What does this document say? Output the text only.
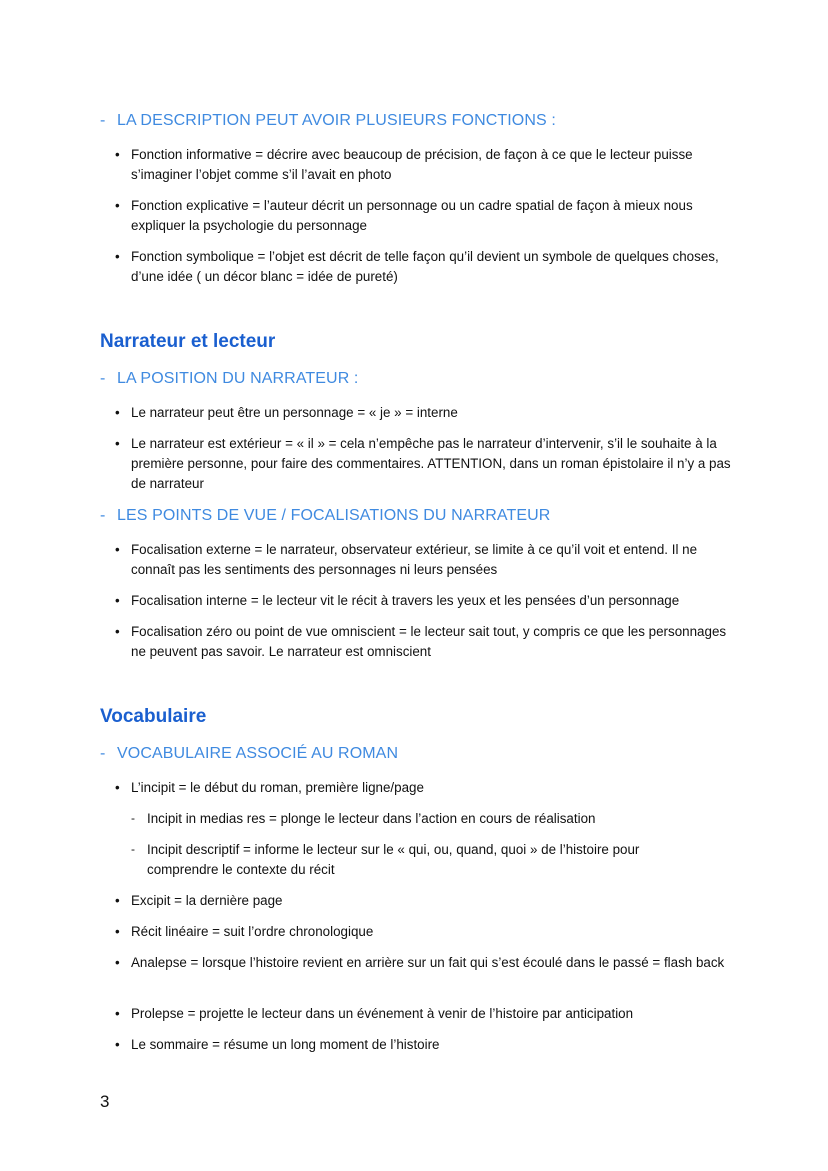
- LA DESCRIPTION PEUT AVOIR PLUSIEURS FONCTIONS :
• Fonction informative = décrire avec beaucoup de précision, de façon à ce que le lecteur puisse s’imaginer l’objet comme s’il l’avait en photo
• Fonction explicative = l’auteur décrit un personnage ou un cadre spatial de façon à mieux nous expliquer la psychologie du personnage
• Fonction symbolique = l’objet est décrit de telle façon qu’il devient un symbole de quelques choses, d’une idée ( un décor blanc = idée de pureté)
Narrateur et lecteur
- LA POSITION DU NARRATEUR :
• Le narrateur peut être un personnage = « je » = interne
• Le narrateur est extérieur = « il » = cela n’empêche pas le narrateur d’intervenir, s’il le souhaite à la première personne, pour faire des commentaires. ATTENTION, dans un roman épistolaire il n’y a pas de narrateur
- LES POINTS DE VUE / FOCALISATIONS DU NARRATEUR
• Focalisation externe = le narrateur, observateur extérieur, se limite à ce qu’il voit et entend. Il ne connaît pas les sentiments des personnages ni leurs pensées
• Focalisation interne = le lecteur vit le récit à travers les yeux et les pensées d’un personnage
• Focalisation zéro ou point de vue omniscient = le lecteur sait tout, y compris ce que les personnages ne peuvent pas savoir. Le narrateur est omniscient
Vocabulaire
- VOCABULAIRE ASSOCIÉ AU ROMAN
• L’incipit = le début du roman, première ligne/page
- Incipit in medias res = plonge le lecteur dans l’action en cours de réalisation
- Incipit descriptif = informe le lecteur sur le « qui, ou, quand, quoi » de l’histoire pour comprendre le contexte du récit
• Excipit = la dernière page
• Récit linéaire = suit l’ordre chronologique
• Analepse = lorsque l’histoire revient en arrière sur un fait qui s’est écoulé dans le passé = flash back
• Prolepse = projette le lecteur dans un événement à venir de l’histoire par anticipation
• Le sommaire = résume un long moment de l’histoire
3
